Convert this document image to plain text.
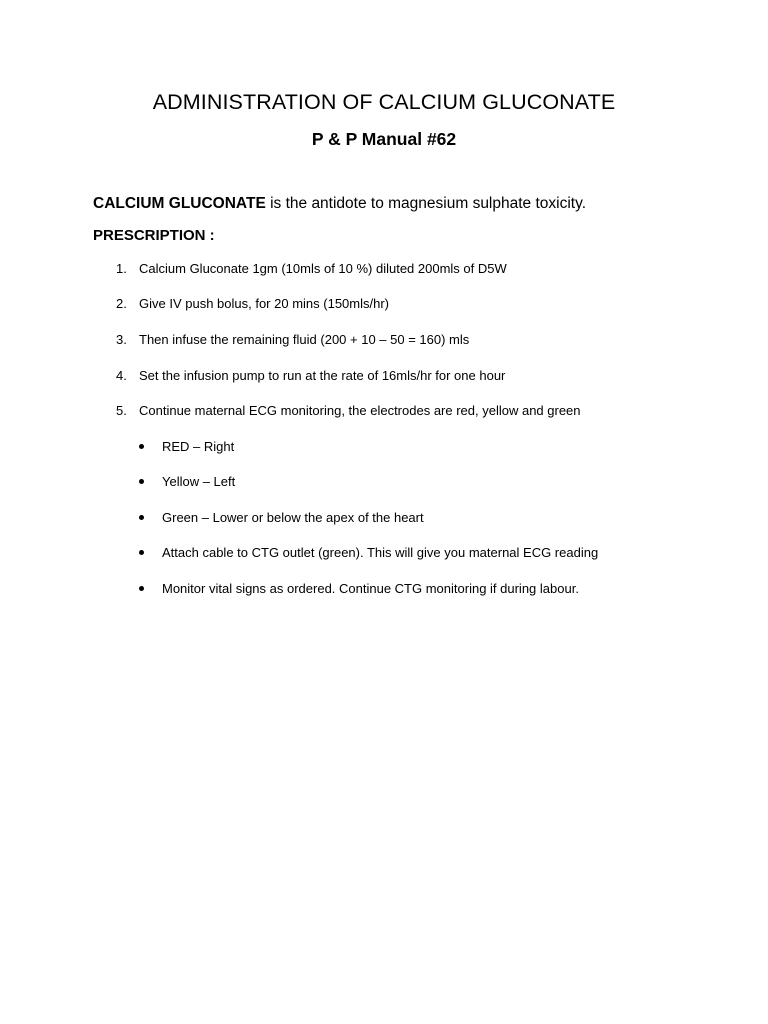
ADMINISTRATION OF CALCIUM GLUCONATE
P & P Manual #62
CALCIUM GLUCONATE is the antidote to magnesium sulphate toxicity.
PRESCRIPTION :
1. Calcium Gluconate 1gm (10mls of 10 %) diluted 200mls of D5W
2. Give IV push bolus, for 20 mins (150mls/hr)
3. Then infuse the remaining fluid (200 + 10 – 50 = 160) mls
4. Set the infusion pump to run at the rate of 16mls/hr for one hour
5. Continue maternal ECG monitoring, the electrodes are red, yellow and green
RED – Right
Yellow – Left
Green – Lower or below the apex of the heart
Attach cable to CTG outlet (green). This will give you maternal ECG reading
Monitor vital signs as ordered. Continue CTG monitoring if during labour.
